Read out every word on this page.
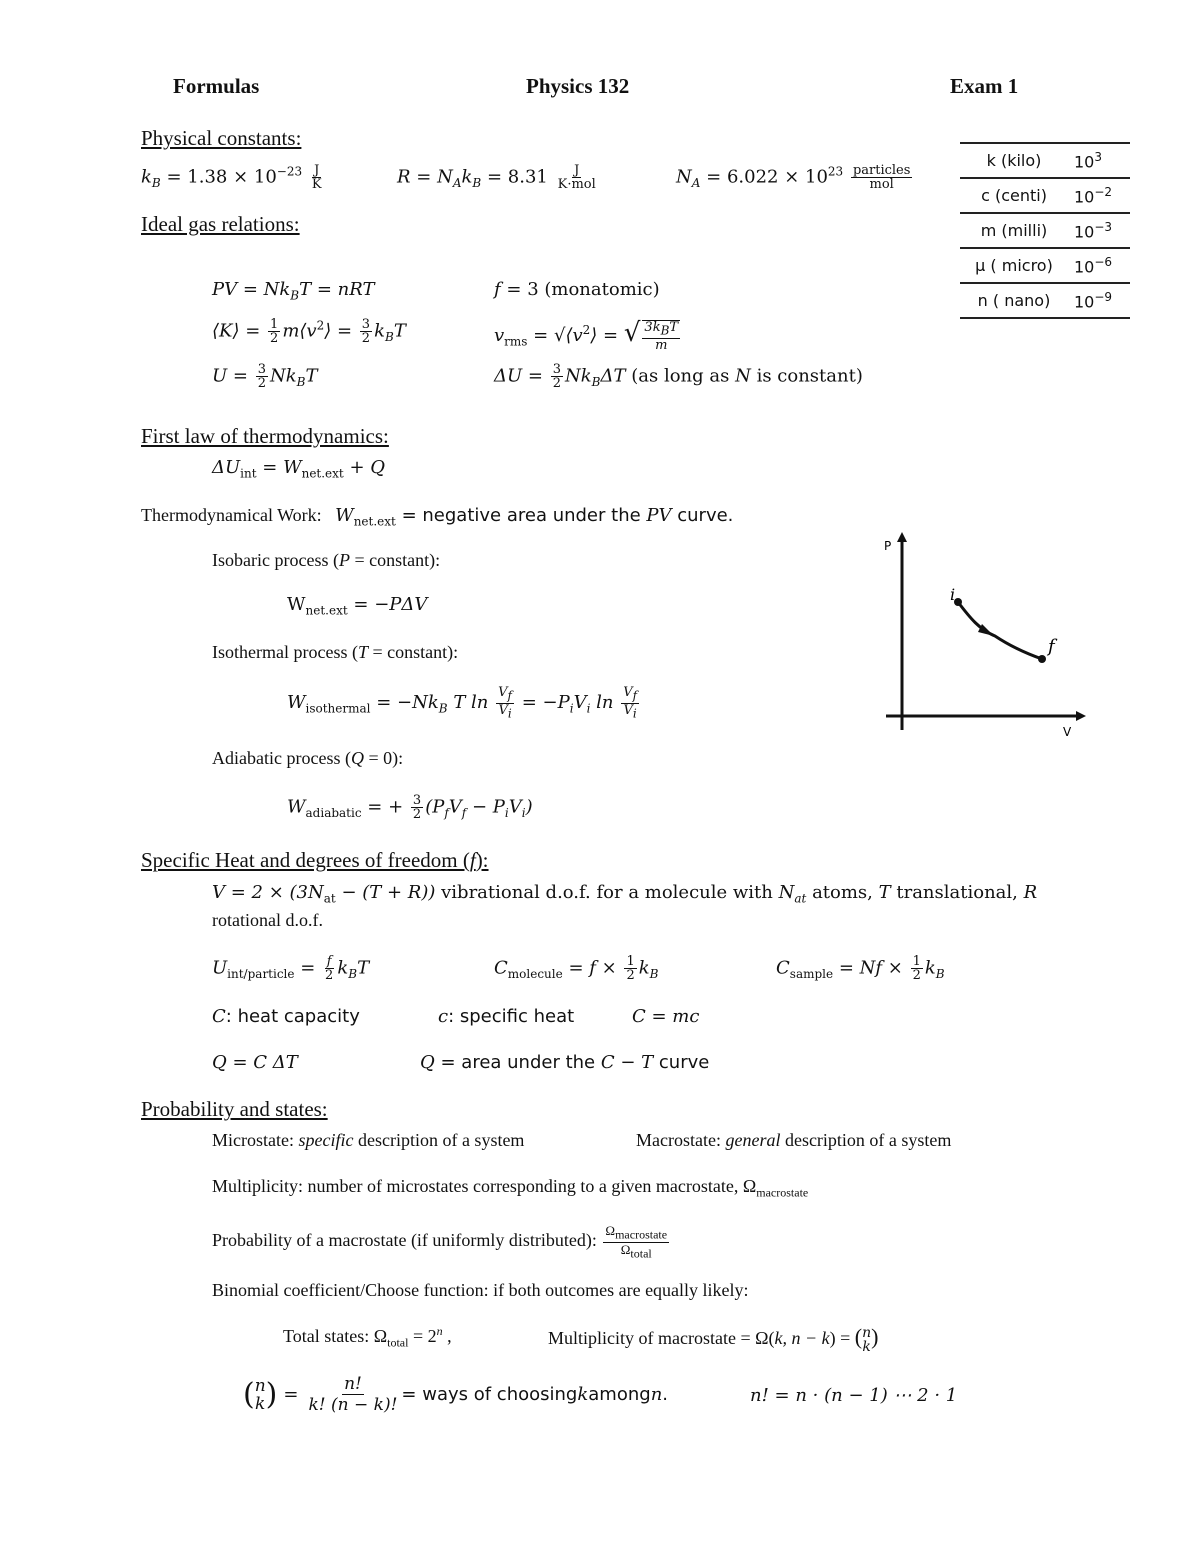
Formulas	Physics 132	Exam 1
Physical constants:
$k_B = 1.38 \times 10^{-23} \frac{J}{K}$	$R = N_Ak_B = 8.31 \frac{J}{\text{K·mol}}$	$N_A = 6.022 \times 10^{23} \frac{\text{particles}}{\text{mol}}$
k (kilo)	$10^3$
c (centi)	$10^{-2}$
m (milli)	$10^{-3}$
μ ( micro)	$10^{-6}$
n ( nano)	$10^{-9}$
Ideal gas relations:
PV = $Nk_BT$ = nRT	f = 3 (monatomic)
⟨K⟩ = $\frac{1}{2}$ $m⟨v^2⟩ = \frac{3}{2} k_BT$	$v_{rms}$ = $√⟨v^2⟩$ = √ $\frac{3k_BT}{m}$
$U = \frac{3}{2} Nk_BT$	$\Delta U = \frac{3}{2} Nk_B\Delta T$ (as long as N is constant)
First law of thermodynamics:
$\Delta U_{int} = W_{net.ext} + Q$
Thermodynamical Work: $W_{net.ext}$ = negative area under the PV curve.
Isobaric process (P = constant):
$W_{net.ext} = -P\Delta V$
Isothermal process (T = constant):
$W_{isothermal} = -Nk_B$ T $\ln \frac{V_f}{V_i} = -P_iV_i$ $\ln \frac{V_f}{V_i}$
Adiabatic process (Q = 0):
$W_{adiabatic}$ = + $\frac{3}{2} (P_fV_f - P_iV_i)$
P
V
i
f
Specific Heat and degrees of freedom (f):
$V = 2 \times (3N_{at} - (T + R))$ vibrational d.o.f. for a molecule with $N_{at}$ atoms, T translational, R
rotational d.o.f.
$U_{int/particle} = \frac{f}{2} k_BT$	$C_{molecule} = f \times \frac{1}{2} k_B$	$C_{sample} = Nf \times \frac{1}{2} k_B$
C: heat capacity	c: specific heat	C = mc
Q = C ΔT	Q = area under the C − T curve
Probability and states:
Microstate: specific description of a system	Macrostate: general description of a system
Multiplicity: number of microstates corresponding to a given macrostate, $\Omega_{macrostate}$
Probability of a macrostate (if uniformly distributed): $\frac{\Omega_{macrostate}}{\Omega_{total}}$
Binomial coefficient/Choose function: if both outcomes are equally likely:
Total states: $\Omega_{total} = 2^n$ ,	Multiplicity of macrostate = Ω(k, n − k) = ( n
k )
( n
k ) = $\frac{n!}{k! (n - k)!}$ = ways of choosing k among n .	n! = n · (n − 1) ⋯ 2 · 1
